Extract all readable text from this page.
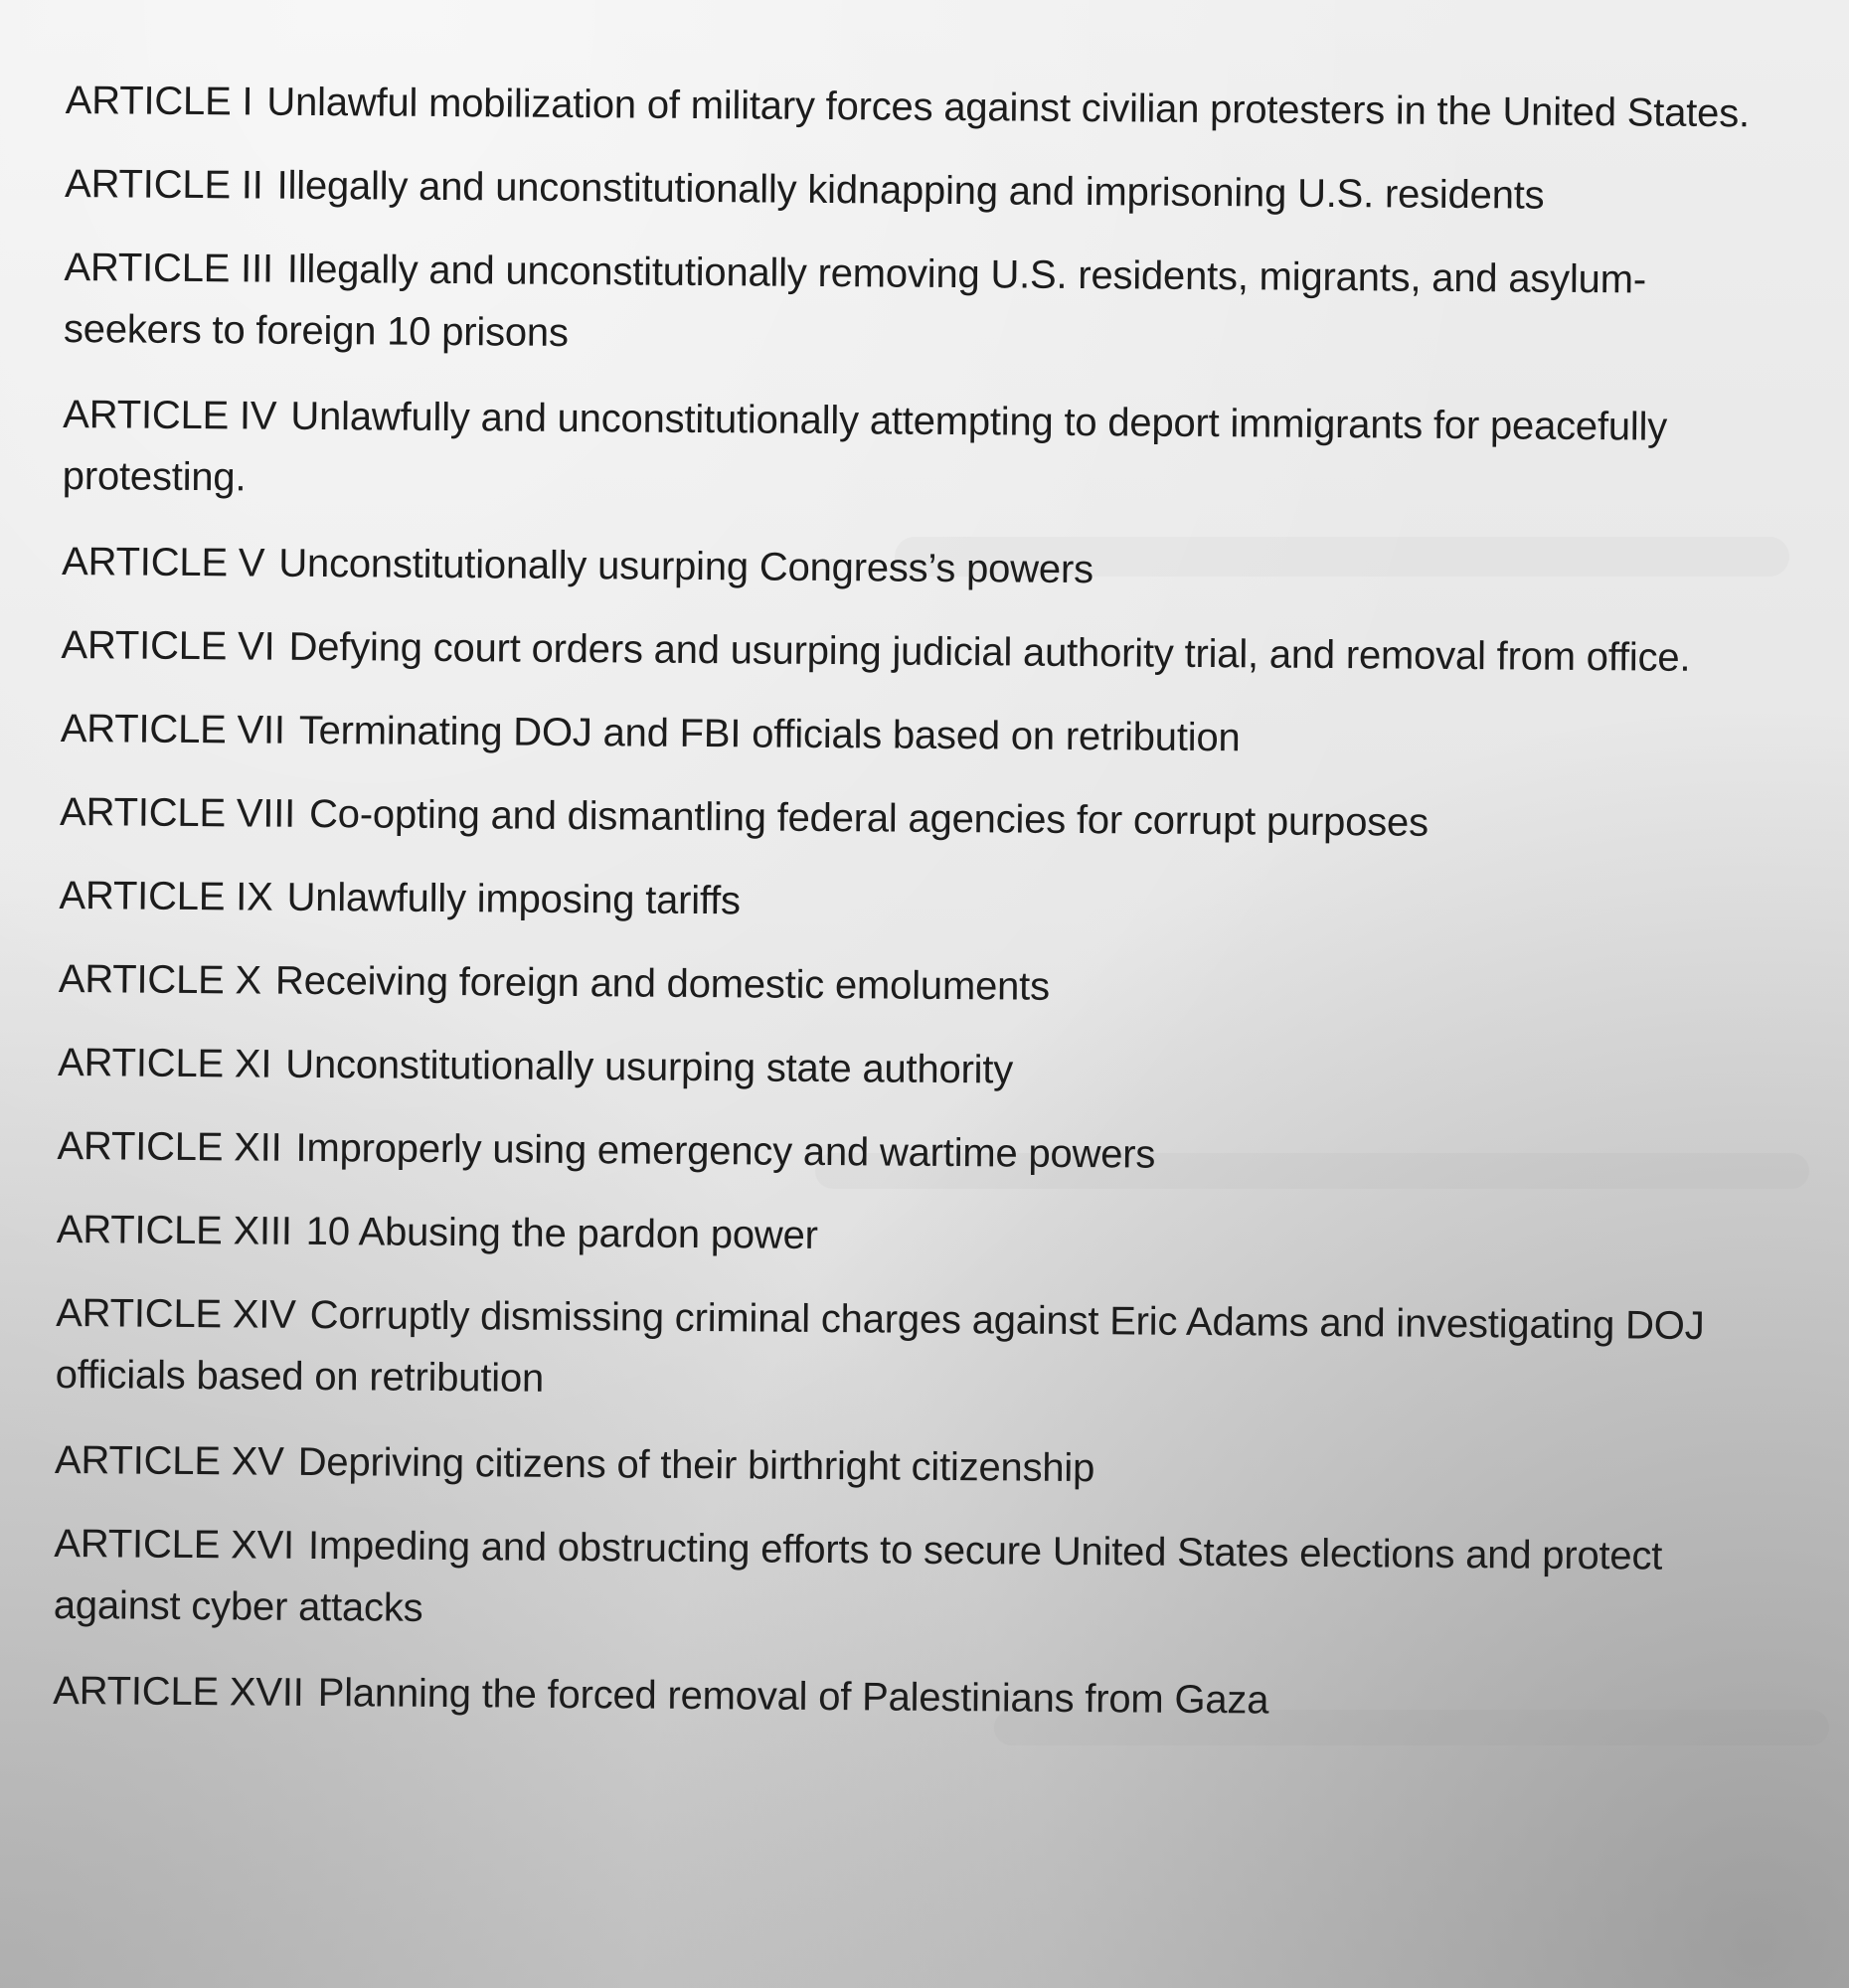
ARTICLE I Unlawful mobilization of military forces against civilian protesters in the United States.
ARTICLE II Illegally and unconstitutionally kidnapping and imprisoning U.S. residents
ARTICLE III Illegally and unconstitutionally removing U.S. residents, migrants, and asylum-seekers to foreign 10 prisons
ARTICLE IV Unlawfully and unconstitutionally attempting to deport immigrants for peacefully protesting.
ARTICLE V Unconstitutionally usurping Congress’s powers
ARTICLE VI Defying court orders and usurping judicial authority trial, and removal from office.
ARTICLE VII Terminating DOJ and FBI officials based on retribution
ARTICLE VIII Co-opting and dismantling federal agencies for corrupt purposes
ARTICLE IX Unlawfully imposing tariffs
ARTICLE X Receiving foreign and domestic emoluments
ARTICLE XI Unconstitutionally usurping state authority
ARTICLE XII Improperly using emergency and wartime powers
ARTICLE XIII 10 Abusing the pardon power
ARTICLE XIV Corruptly dismissing criminal charges against Eric Adams and investigating DOJ officials based on retribution
ARTICLE XV Depriving citizens of their birthright citizenship
ARTICLE XVI Impeding and obstructing efforts to secure United States elections and protect against cyber attacks
ARTICLE XVII Planning the forced removal of Palestinians from Gaza
